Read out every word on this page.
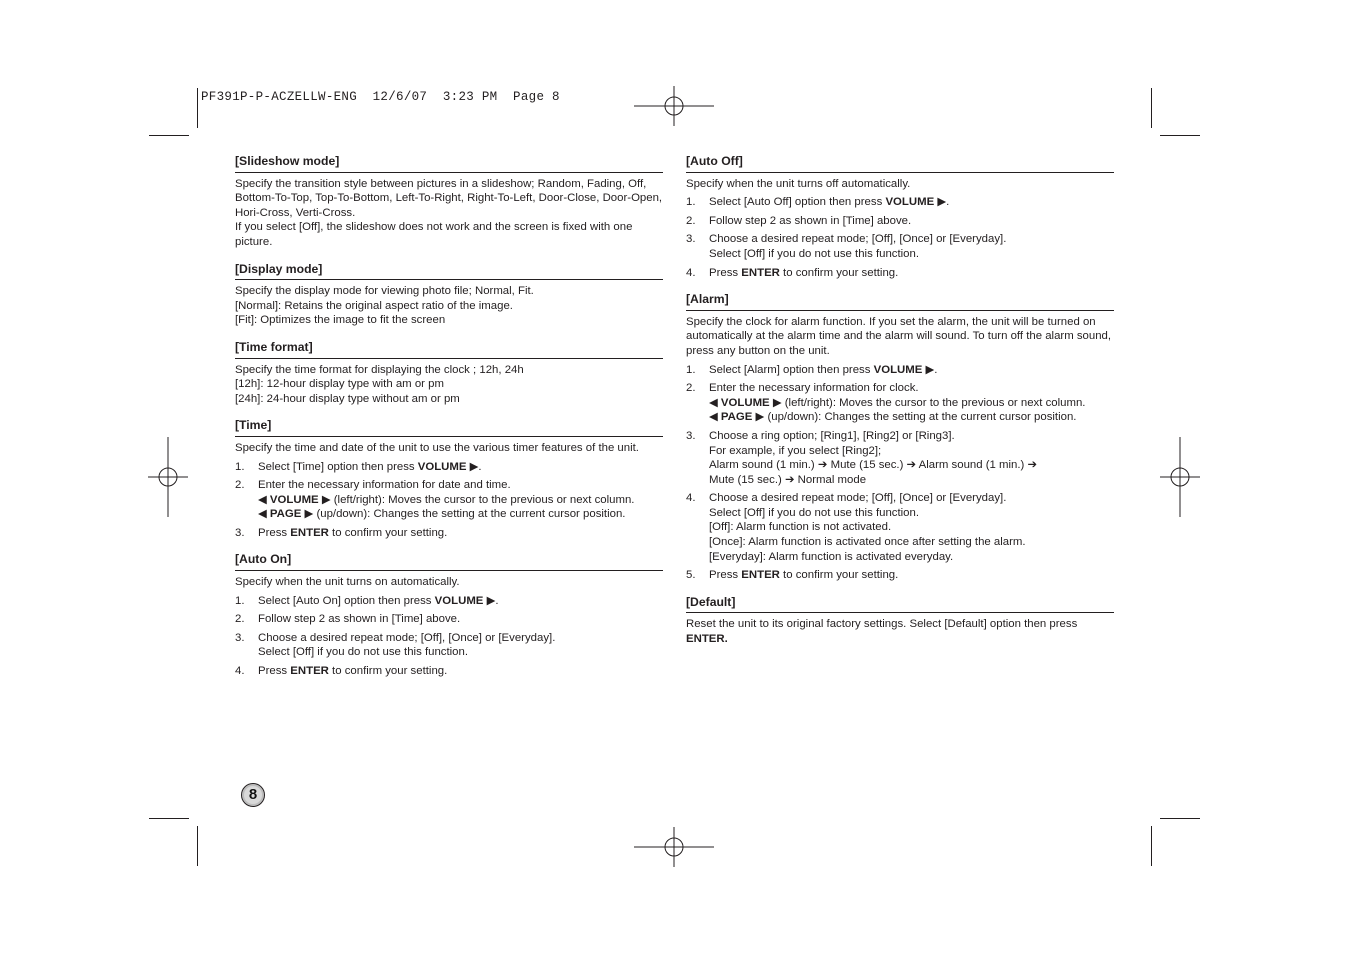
PF391P-P-ACZELLW-ENG  12/6/07  3:23 PM  Page 8
[Slideshow mode]

Specify the transition style between pictures in a slideshow; Random, Fading, Off, Bottom-To-Top, Top-To-Bottom, Left-To-Right, Right-To-Left, Door-Close, Door-Open, Hori-Cross, Verti-Cross.

If you select [Off], the slideshow does not work and the screen is fixed with one picture.

[Display mode]

Specify the display mode for viewing photo file; Normal, Fit.

[Normal]: Retains the original aspect ratio of the image.

[Fit]: Optimizes the image to fit the screen

[Time format]

Specify the time format for displaying the clock ; 12h, 24h

[12h]: 12-hour display type with am or pm

[24h]: 24-hour display type without am or pm

[Time]

Specify the time and date of the unit to use the various timer features of the unit.

1.	Select [Time] option then press VOLUME ▶.
2.	Enter the necessary information for date and time.
◀ VOLUME ▶ (left/right): Moves the cursor to the previous or next column.
◀ PAGE ▶ (up/down): Changes the setting at the current cursor position.
3.	Press ENTER to confirm your setting.
[Auto On]

Specify when the unit turns on automatically.

1.	Select [Auto On] option then press VOLUME ▶.
2.	Follow step 2 as shown in [Time] above.
3.	Choose a desired repeat mode; [Off], [Once] or [Everyday].
Select [Off] if you do not use this function.
4.	Press ENTER to confirm your setting.
[Auto Off]

Specify when the unit turns off automatically.

1.	Select [Auto Off] option then press VOLUME ▶.
2.	Follow step 2 as shown in [Time] above.
3.	Choose a desired repeat mode; [Off], [Once] or [Everyday].
Select [Off] if you do not use this function.
4.	Press ENTER to confirm your setting.
[Alarm]

Specify the clock for alarm function. If you set the alarm, the unit will be turned on automatically at the alarm time and the alarm will sound. To turn off the alarm sound, press any button on the unit.

1.	Select [Alarm] option then press VOLUME ▶.
2.	Enter the necessary information for clock.
◀ VOLUME ▶ (left/right): Moves the cursor to the previous or next column.
◀ PAGE ▶ (up/down): Changes the setting at the current cursor position.
3.	Choose a ring option; [Ring1], [Ring2] or [Ring3].
For example, if you select [Ring2];
Alarm sound (1 min.) ➔ Mute (15 sec.) ➔ Alarm sound (1 min.) ➔
Mute (15 sec.) ➔ Normal mode
4.	Choose a desired repeat mode; [Off], [Once] or [Everyday].
Select [Off] if you do not use this function.
[Off]: Alarm function is not activated.
[Once]: Alarm function is activated once after setting the alarm.
[Everyday]: Alarm function is activated everyday.
5.	Press ENTER to confirm your setting.
[Default]

Reset the unit to its original factory settings. Select [Default] option then press ENTER.

8
